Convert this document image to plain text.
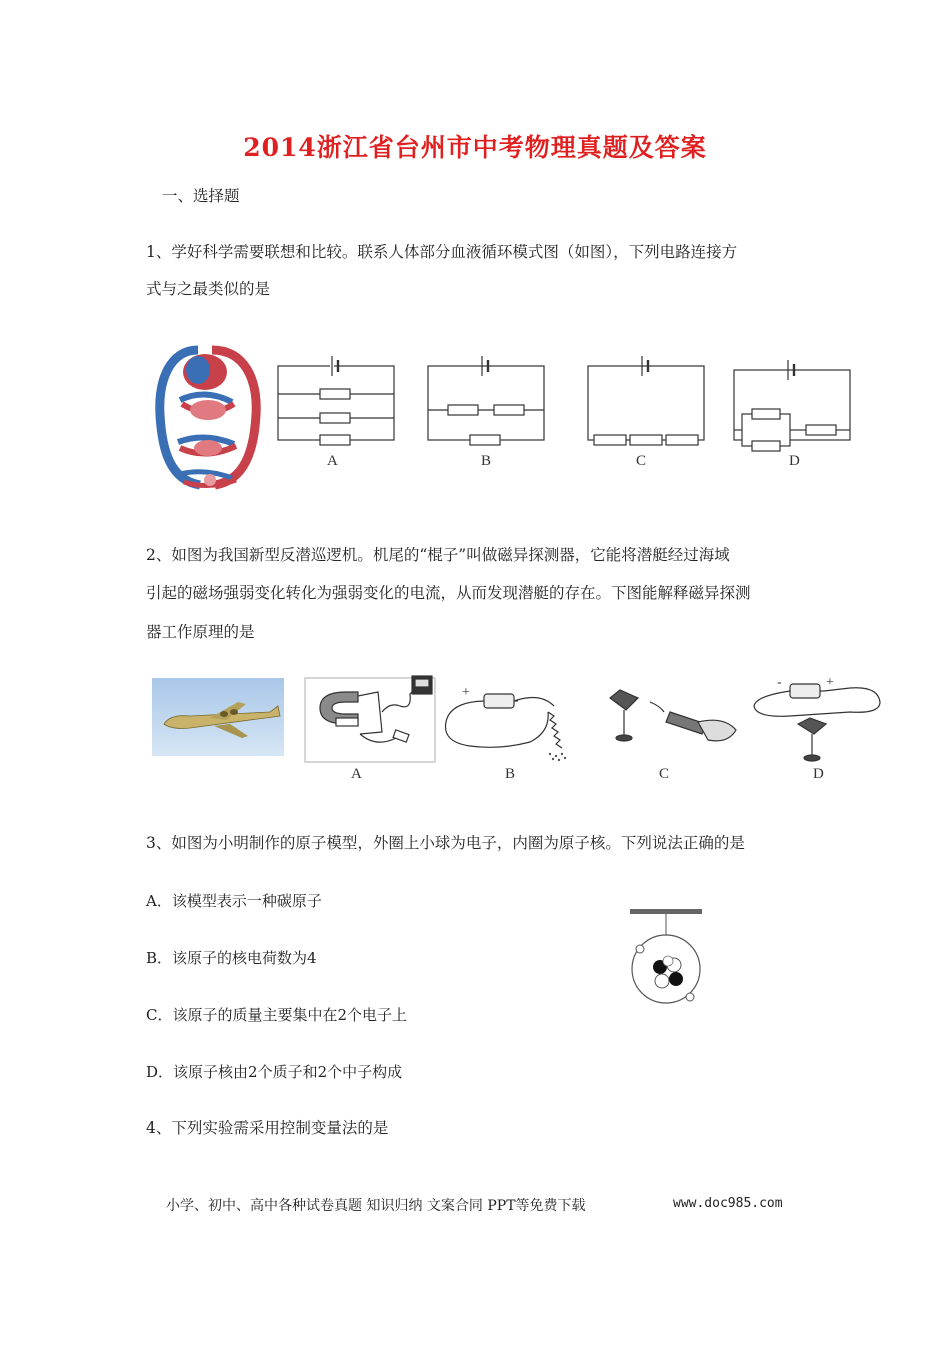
2014浙江省台州市中考物理真题及答案
一、选择题
1、学好科学需要联想和比较。联系人体部分血液循环模式图（如图），下列电路连接方
式与之最类似的是
A	B	C	D
2、如图为我国新型反潜巡逻机。机尾的“棍子”叫做磁异探测器，它能将潜艇经过海域
引起的磁场强弱变化转化为强弱变化的电流，从而发现潜艇的存在。下图能解释磁异探测
器工作原理的是
+
-	+
A	B	C	D
3、如图为小明制作的原子模型，外圈上小球为电子，内圈为原子核。下列说法正确的是
A．该模型表示一种碳原子
B．该原子的核电荷数为4
C．该原子的质量主要集中在2个电子上
D．该原子核由2个质子和2个中子构成
4、下列实验需采用控制变量法的是
小学、初中、高中各种试卷真题 知识归纳 文案合同 PPT等免费下载	www.doc985.com
